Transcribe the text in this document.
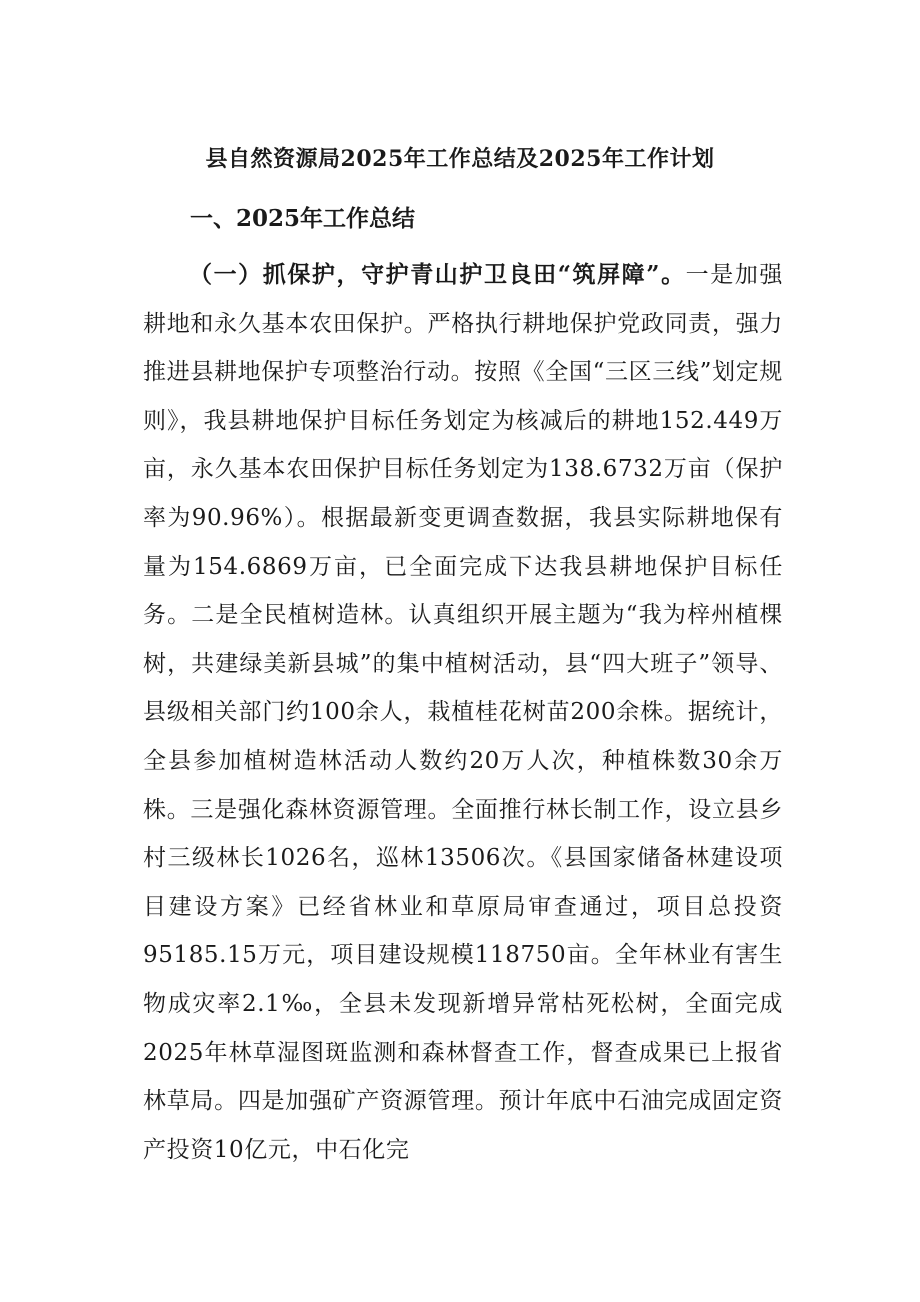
县自然资源局2025年工作总结及2025年工作计划
一、2025年工作总结
（一）抓保护，守护青山护卫良田“筑屏障”。一是加强耕地和永久基本农田保护。严格执行耕地保护党政同责，强力推进县耕地保护专项整治行动。按照《全国“三区三线”划定规则》，我县耕地保护目标任务划定为核减后的耕地152.449万亩，永久基本农田保护目标任务划定为138.6732万亩（保护率为90.96%）。根据最新变更调查数据，我县实际耕地保有量为154.6869万亩，已全面完成下达我县耕地保护目标任务。二是全民植树造林。认真组织开展主题为“我为梓州植棵树，共建绿美新县城”的集中植树活动，县“四大班子”领导、县级相关部门约100余人，栽植桂花树苗200余株。据统计，全县参加植树造林活动人数约20万人次，种植株数30余万株。三是强化森林资源管理。全面推行林长制工作，设立县乡村三级林长1026名，巡林13506次。《县国家储备林建设项目建设方案》已经省林业和草原局审查通过，项目总投资95185.15万元，项目建设规模118750亩。全年林业有害生物成灾率2.1‰，全县未发现新增异常枯死松树，全面完成2025年林草湿图斑监测和森林督查工作，督查成果已上报省林草局。四是加强矿产资源管理。预计年底中石油完成固定资产投资10亿元，中石化完
